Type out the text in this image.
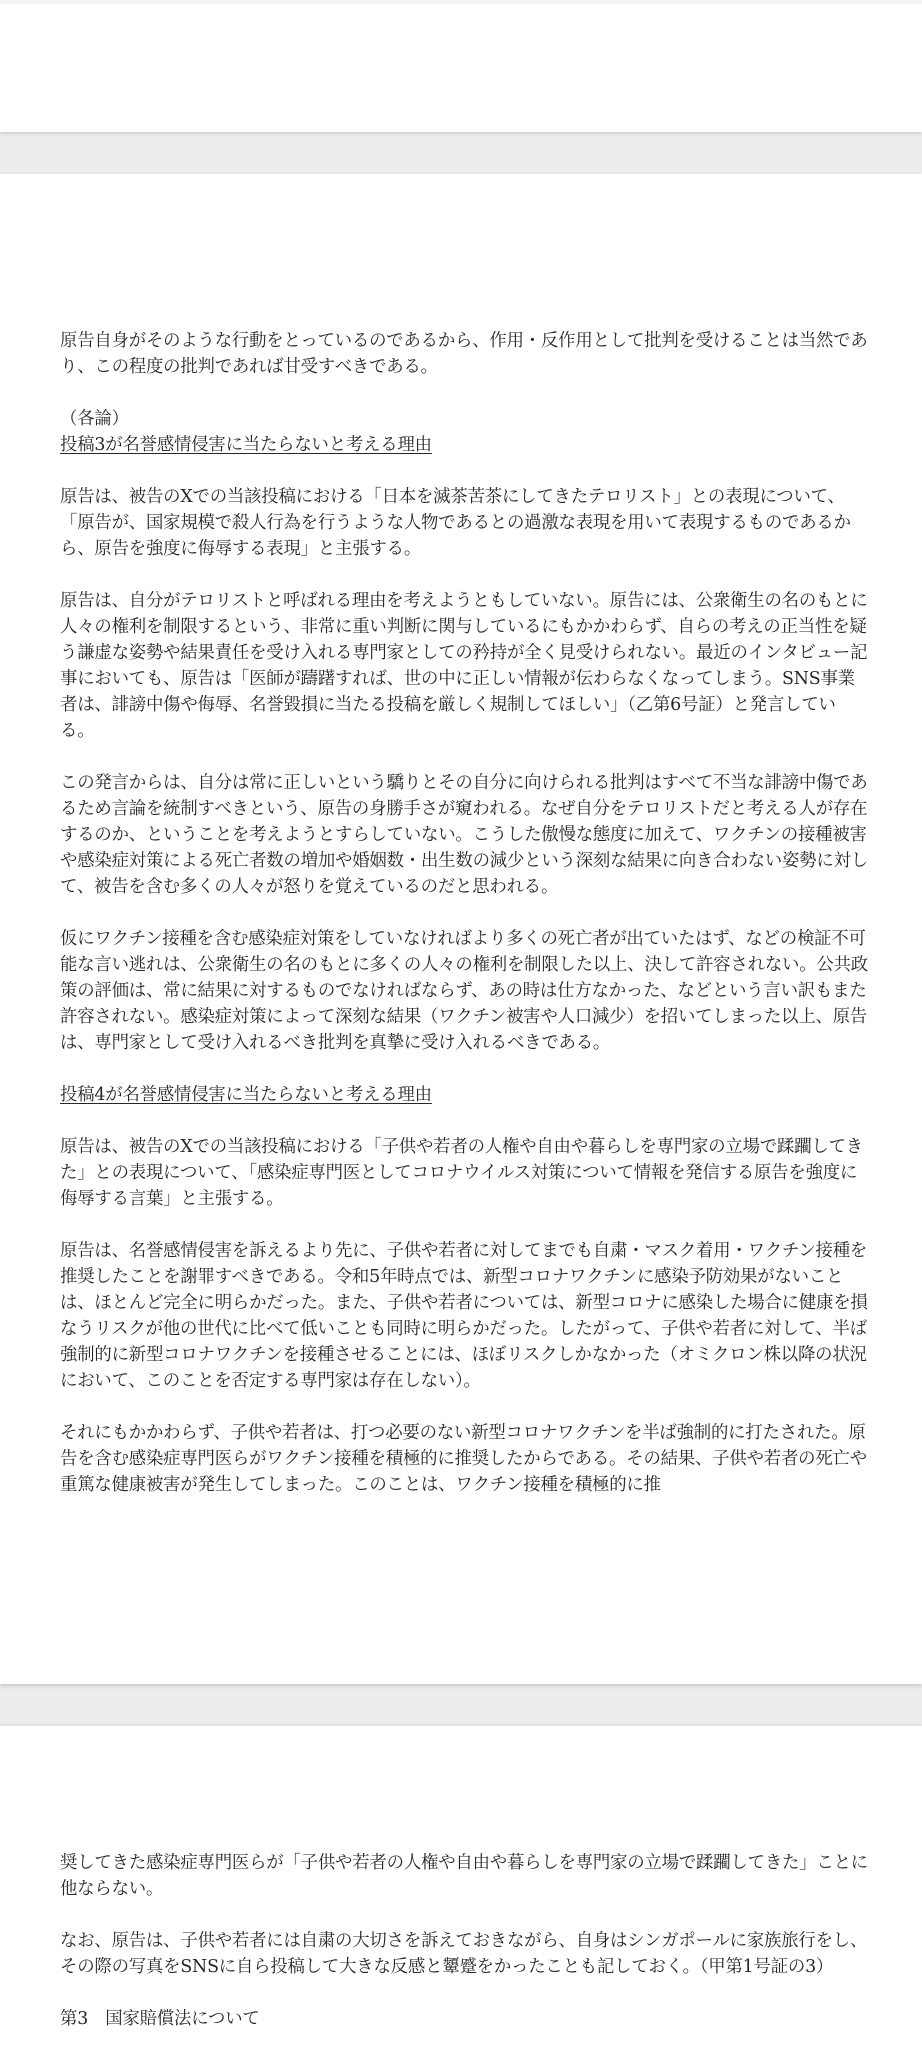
原告自身がそのような行動をとっているのであるから、作用・反作用として批判を受けることは当然であり、この程度の批判であれば甘受すべきである。

（各論）

投稿3が名誉感情侵害に当たらないと考える理由

原告は、被告のXでの当該投稿における「日本を滅茶苦茶にしてきたテロリスト」との表現について、「原告が、国家規模で殺人行為を行うような人物であるとの過激な表現を用いて表現するものであるから、原告を強度に侮辱する表現」と主張する。

原告は、自分がテロリストと呼ばれる理由を考えようともしていない。原告には、公衆衛生の名のもとに人々の権利を制限するという、非常に重い判断に関与しているにもかかわらず、自らの考えの正当性を疑う謙虚な姿勢や結果責任を受け入れる専門家としての矜持が全く見受けられない。最近のインタビュー記事においても、原告は「医師が躊躇すれば、世の中に正しい情報が伝わらなくなってしまう。SNS事業者は、誹謗中傷や侮辱、名誉毀損に当たる投稿を厳しく規制してほしい」（乙第6号証）と発言している。

この発言からは、自分は常に正しいという驕りとその自分に向けられる批判はすべて不当な誹謗中傷であるため言論を統制すべきという、原告の身勝手さが窺われる。なぜ自分をテロリストだと考える人が存在するのか、ということを考えようとすらしていない。こうした傲慢な態度に加えて、ワクチンの接種被害や感染症対策による死亡者数の増加や婚姻数・出生数の減少という深刻な結果に向き合わない姿勢に対して、被告を含む多くの人々が怒りを覚えているのだと思われる。

仮にワクチン接種を含む感染症対策をしていなければより多くの死亡者が出ていたはず、などの検証不可能な言い逃れは、公衆衛生の名のもとに多くの人々の権利を制限した以上、決して許容されない。公共政策の評価は、常に結果に対するものでなければならず、あの時は仕方なかった、などという言い訳もまた許容されない。感染症対策によって深刻な結果（ワクチン被害や人口減少）を招いてしまった以上、原告は、専門家として受け入れるべき批判を真摯に受け入れるべきである。

投稿4が名誉感情侵害に当たらないと考える理由

原告は、被告のXでの当該投稿における「子供や若者の人権や自由や暮らしを専門家の立場で蹂躙してきた」との表現について、「感染症専門医としてコロナウイルス対策について情報を発信する原告を強度に侮辱する言葉」と主張する。

原告は、名誉感情侵害を訴えるより先に、子供や若者に対してまでも自粛・マスク着用・ワクチン接種を推奨したことを謝罪すべきである。令和5年時点では、新型コロナワクチンに感染予防効果がないことは、ほとんど完全に明らかだった。また、子供や若者については、新型コロナに感染した場合に健康を損なうリスクが他の世代に比べて低いことも同時に明らかだった。したがって、子供や若者に対して、半ば強制的に新型コロナワクチンを接種させることには、ほぼリスクしかなかった（オミクロン株以降の状況において、このことを否定する専門家は存在しない）。

それにもかかわらず、子供や若者は、打つ必要のない新型コロナワクチンを半ば強制的に打たされた。原告を含む感染症専門医らがワクチン接種を積極的に推奨したからである。その結果、子供や若者の死亡や重篤な健康被害が発生してしまった。このことは、ワクチン接種を積極的に推

奨してきた感染症専門医らが「子供や若者の人権や自由や暮らしを専門家の立場で蹂躙してきた」ことに他ならない。

なお、原告は、子供や若者には自粛の大切さを訴えておきながら、自身はシンガポールに家族旅行をし、その際の写真をSNSに自ら投稿して大きな反感と顰蹙をかったことも記しておく。（甲第1号証の3）

第3　国家賠償法について
